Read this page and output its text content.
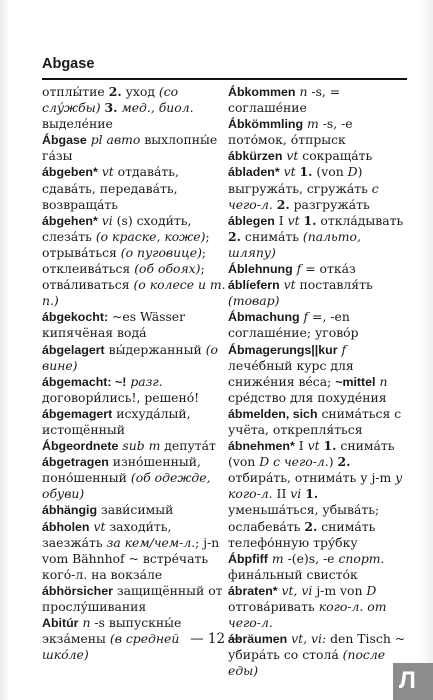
Abgase

отплы́тие 2. уход (со слу́жбы) 3. мед., биол. выделе́ние

Ábgase pl авто выхлопны́е га́зы

ábgeben* vt отдава́ть, сдава́ть, передава́ть, возвраща́ть

ábgehen* vi (s) сходи́ть, слеза́ть (о краске, коже); отрыва́ться (о пуговице); отклеива́ться (об обоях); отва́ливаться (о колесе и т. п.)

ábgekocht: ~es Wässer кипячёная вода́

ábgelagert вы́держанный (о вине)

ábgemacht: ~! разг. договори́лись!, решено́!

ábgemagert исхуда́лый, истощённый

Ábgeordnete sub m депута́т

ábgetragen изно́шенный, поно́шенный (об одежде, обуви)

ábhängig зави́симый

ábholen vt заходи́ть, заезжа́ть за кем/чем-л.; j-n vom Bähnhof ~ встре́чать кого́-л. на вокза́ле

ábhörsicher защищённый от прослу́шивания

Abitúr n -s выпускны́е экза́мены (в средней шко́ле)

Ábkommen n -s, = соглаше́ние

Ábkömmling m -s, -e пото́мок, о́тпрыск

ábkürzen vt сокраща́ть

ábladen* vt 1. (von D) выгружа́ть, сгружа́ть с чего-л. 2. разгружа́ть

áblegen I vt 1. откла́дывать 2. снима́ть (пальто, шляпу)

Áblehnung f = отка́з

áblíefern vt поставля́ть (товар)

Ábmachung f =, -en соглаше́ние; угово́р

Ábmagerungs||kur f лече́бный курс для сниже́ния ве́са; ~mittel n сре́дство для похуде́ния

ábmelden, sich снима́ться с учёта, открепля́ться

ábnehmen* I vt 1. снима́ть (von D с чего-л.) 2. отбира́ть, отнима́ть у j-m у кого-л. II vi 1. уменьша́ться, убыва́ть; ослабева́ть 2. снима́ть телефо́нную тру́бку

Ábpfiff m -(e)s, -e спорт. фина́льный свисто́к

ábraten* vt, vi j-m von D отгова́ривать кого-л. от чего-л.

ábräumen vt, vi: den Tisch ~ убира́ть со стола́ (после еды)

— 12 —
Л
